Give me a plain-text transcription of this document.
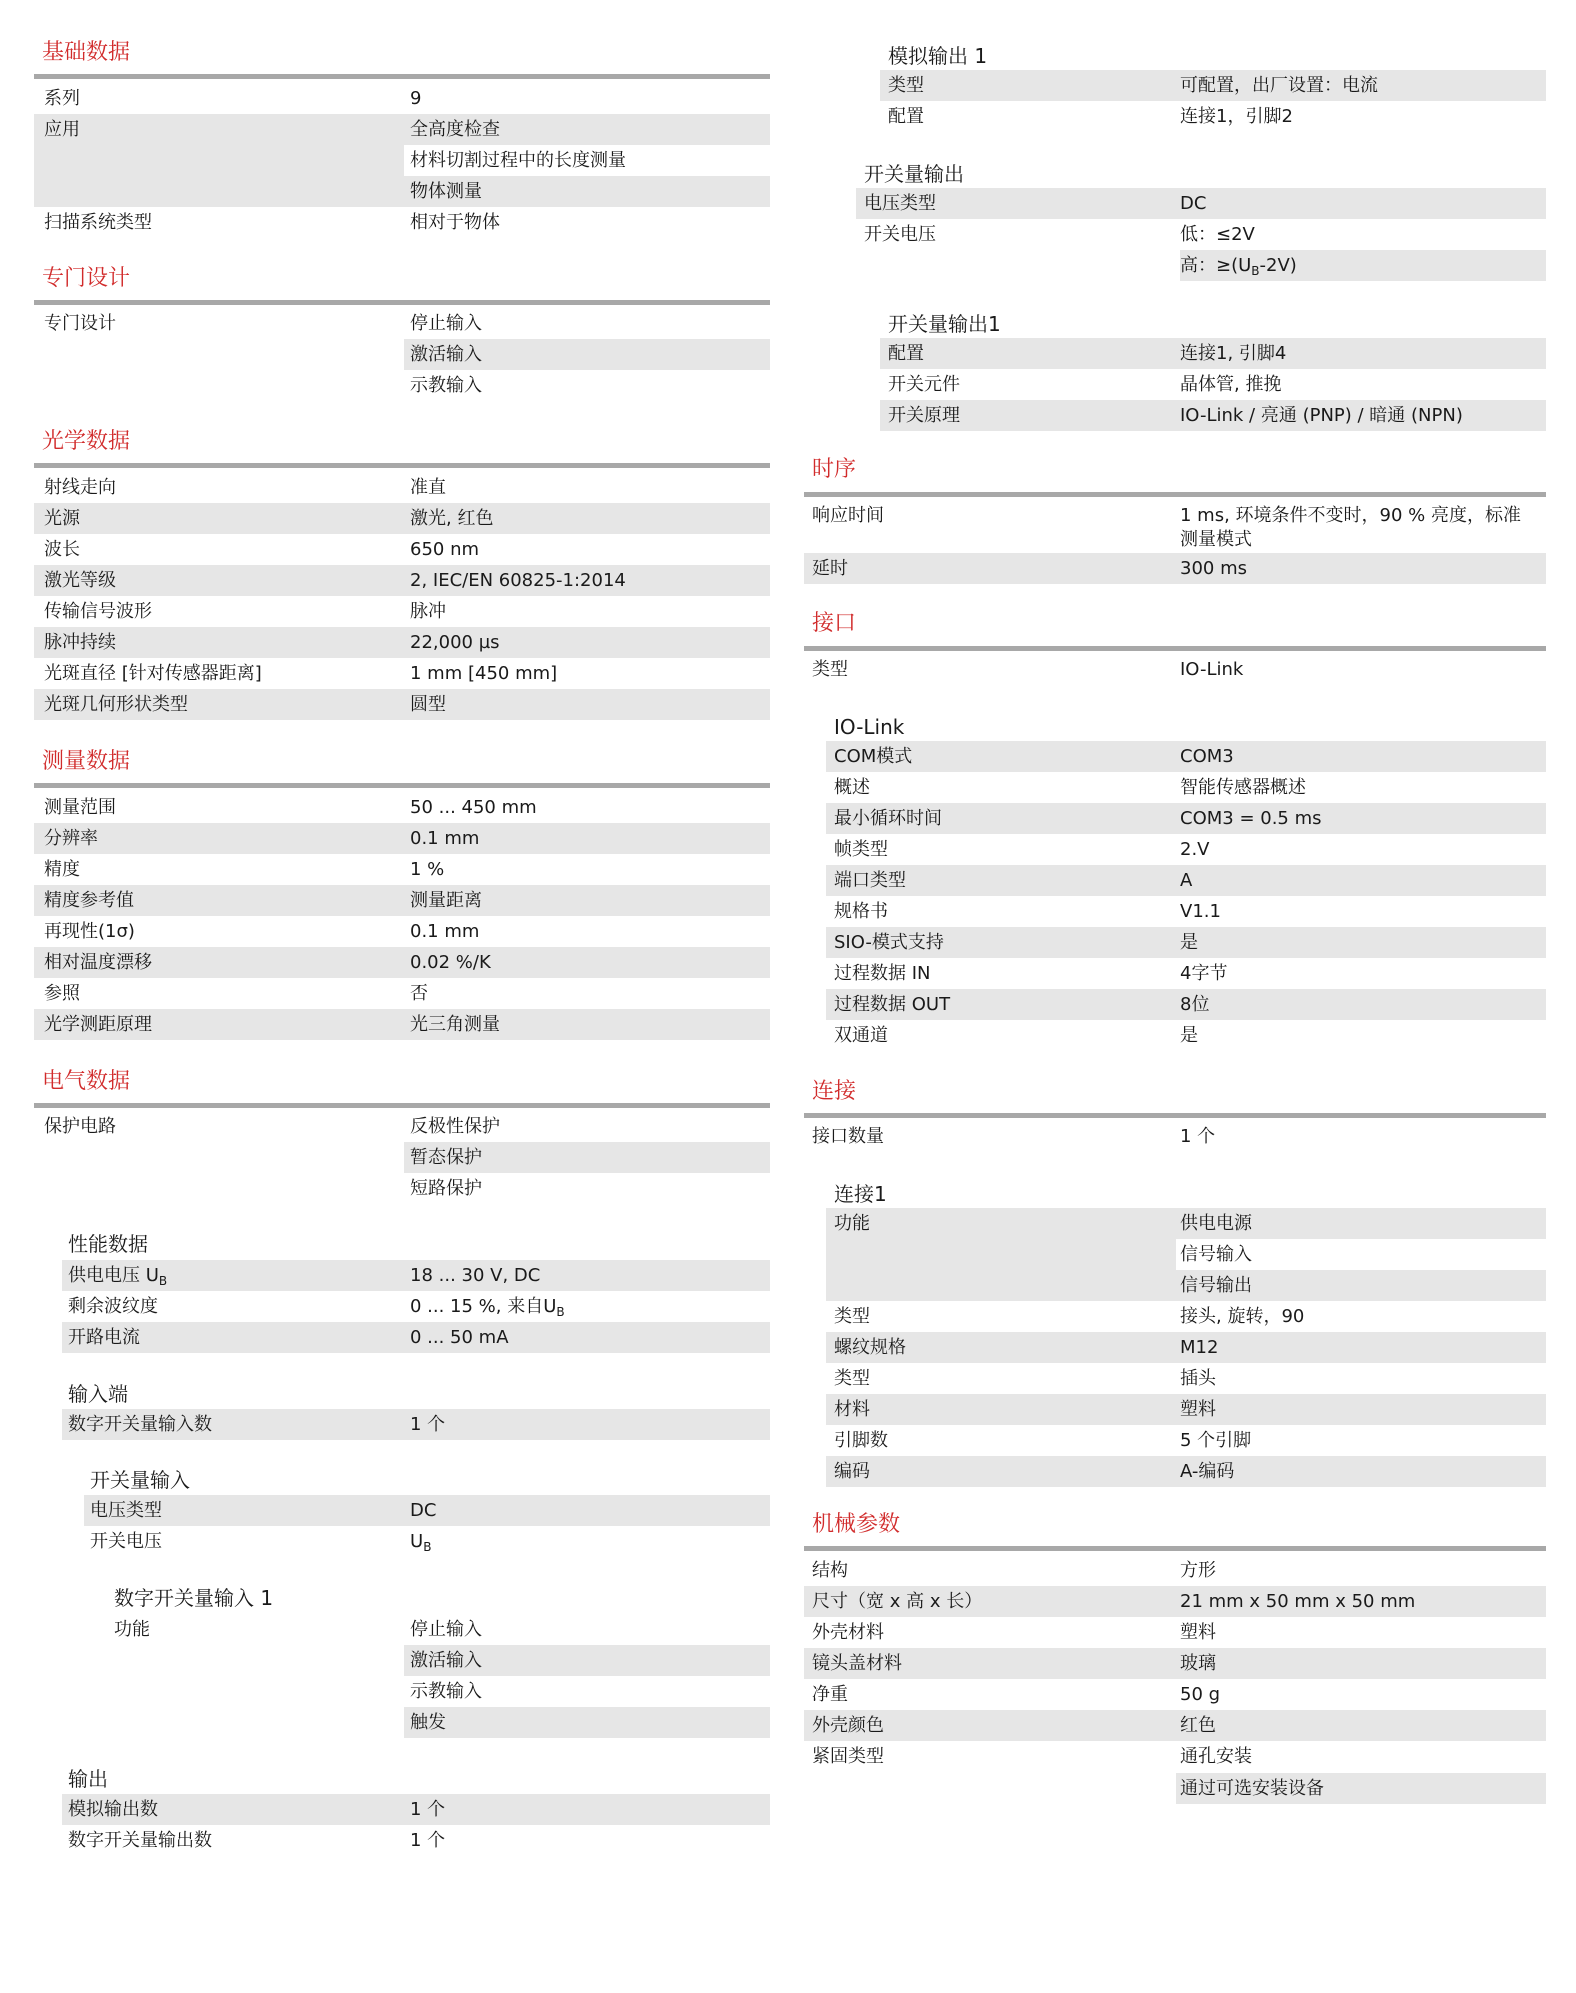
基础数据
系列	9
应用	全高度检查
材料切割过程中的长度测量
物体测量
扫描系统类型	相对于物体
专门设计
专门设计	停止输入
激活输入
示教输入
光学数据
射线走向	准直
光源	激光, 红色
波长	650 nm
激光等级	2, IEC/EN 60825-1:2014
传输信号波形	脉冲
脉冲持续	22,000 µs
光斑直径 [针对传感器距离]	1 mm [450 mm]
光斑几何形状类型	圆型
测量数据
测量范围	50 ... 450 mm
分辨率	0.1 mm
精度	1 %
精度参考值	测量距离
再现性(1σ)	0.1 mm
相对温度漂移	0.02 %/K
参照	否
光学测距原理	光三角测量
电气数据
保护电路	反极性保护
暂态保护
短路保护
性能数据
供电电压 $U_B$	18 ... 30 V, DC
剩余波纹度	0 ... 15 %, 来自$U_B$
开路电流	0 ... 50 mA
输入端
数字开关量输入数	1 个
开关量输入
电压类型	DC
开关电压	$U_B$
数字开关量输入 1
功能	停止输入
激活输入
示教输入
触发
输出
模拟输出数	1 个
数字开关量输出数	1 个
模拟输出 1
类型	可配置，出厂设置：电流
配置	连接1，引脚2
开关量输出
电压类型	DC
开关电压	低：≤2V
高：$\ge(U_B-2V)$
开关量输出1
配置	连接1, 引脚4
开关元件	晶体管, 推挽
开关原理	IO-Link / 亮通 (PNP) / 暗通 (NPN)
时序
响应时间	1 ms, 环境条件不变时，90 % 亮度，标准测量模式
延时	300 ms
接口
类型	IO-Link
IO-Link
COM模式	COM3
概述	智能传感器概述
最小循环时间	COM3 = 0.5 ms
帧类型	2.V
端口类型	A
规格书	V1.1
SIO-模式支持	是
过程数据 IN	4字节
过程数据 OUT	8位
双通道	是
连接
接口数量	1 个
连接1
功能	供电电源
信号输入
信号输出
类型	接头, 旋转，90
螺纹规格	M12
类型	插头
材料	塑料
引脚数	5 个引脚
编码	A-编码
机械参数
结构	方形
尺寸（宽 x 高 x 长）	21 mm x 50 mm x 50 mm
外壳材料	塑料
镜头盖材料	玻璃
净重	50 g
外壳颜色	红色
紧固类型	通孔安装
通过可选安装设备
